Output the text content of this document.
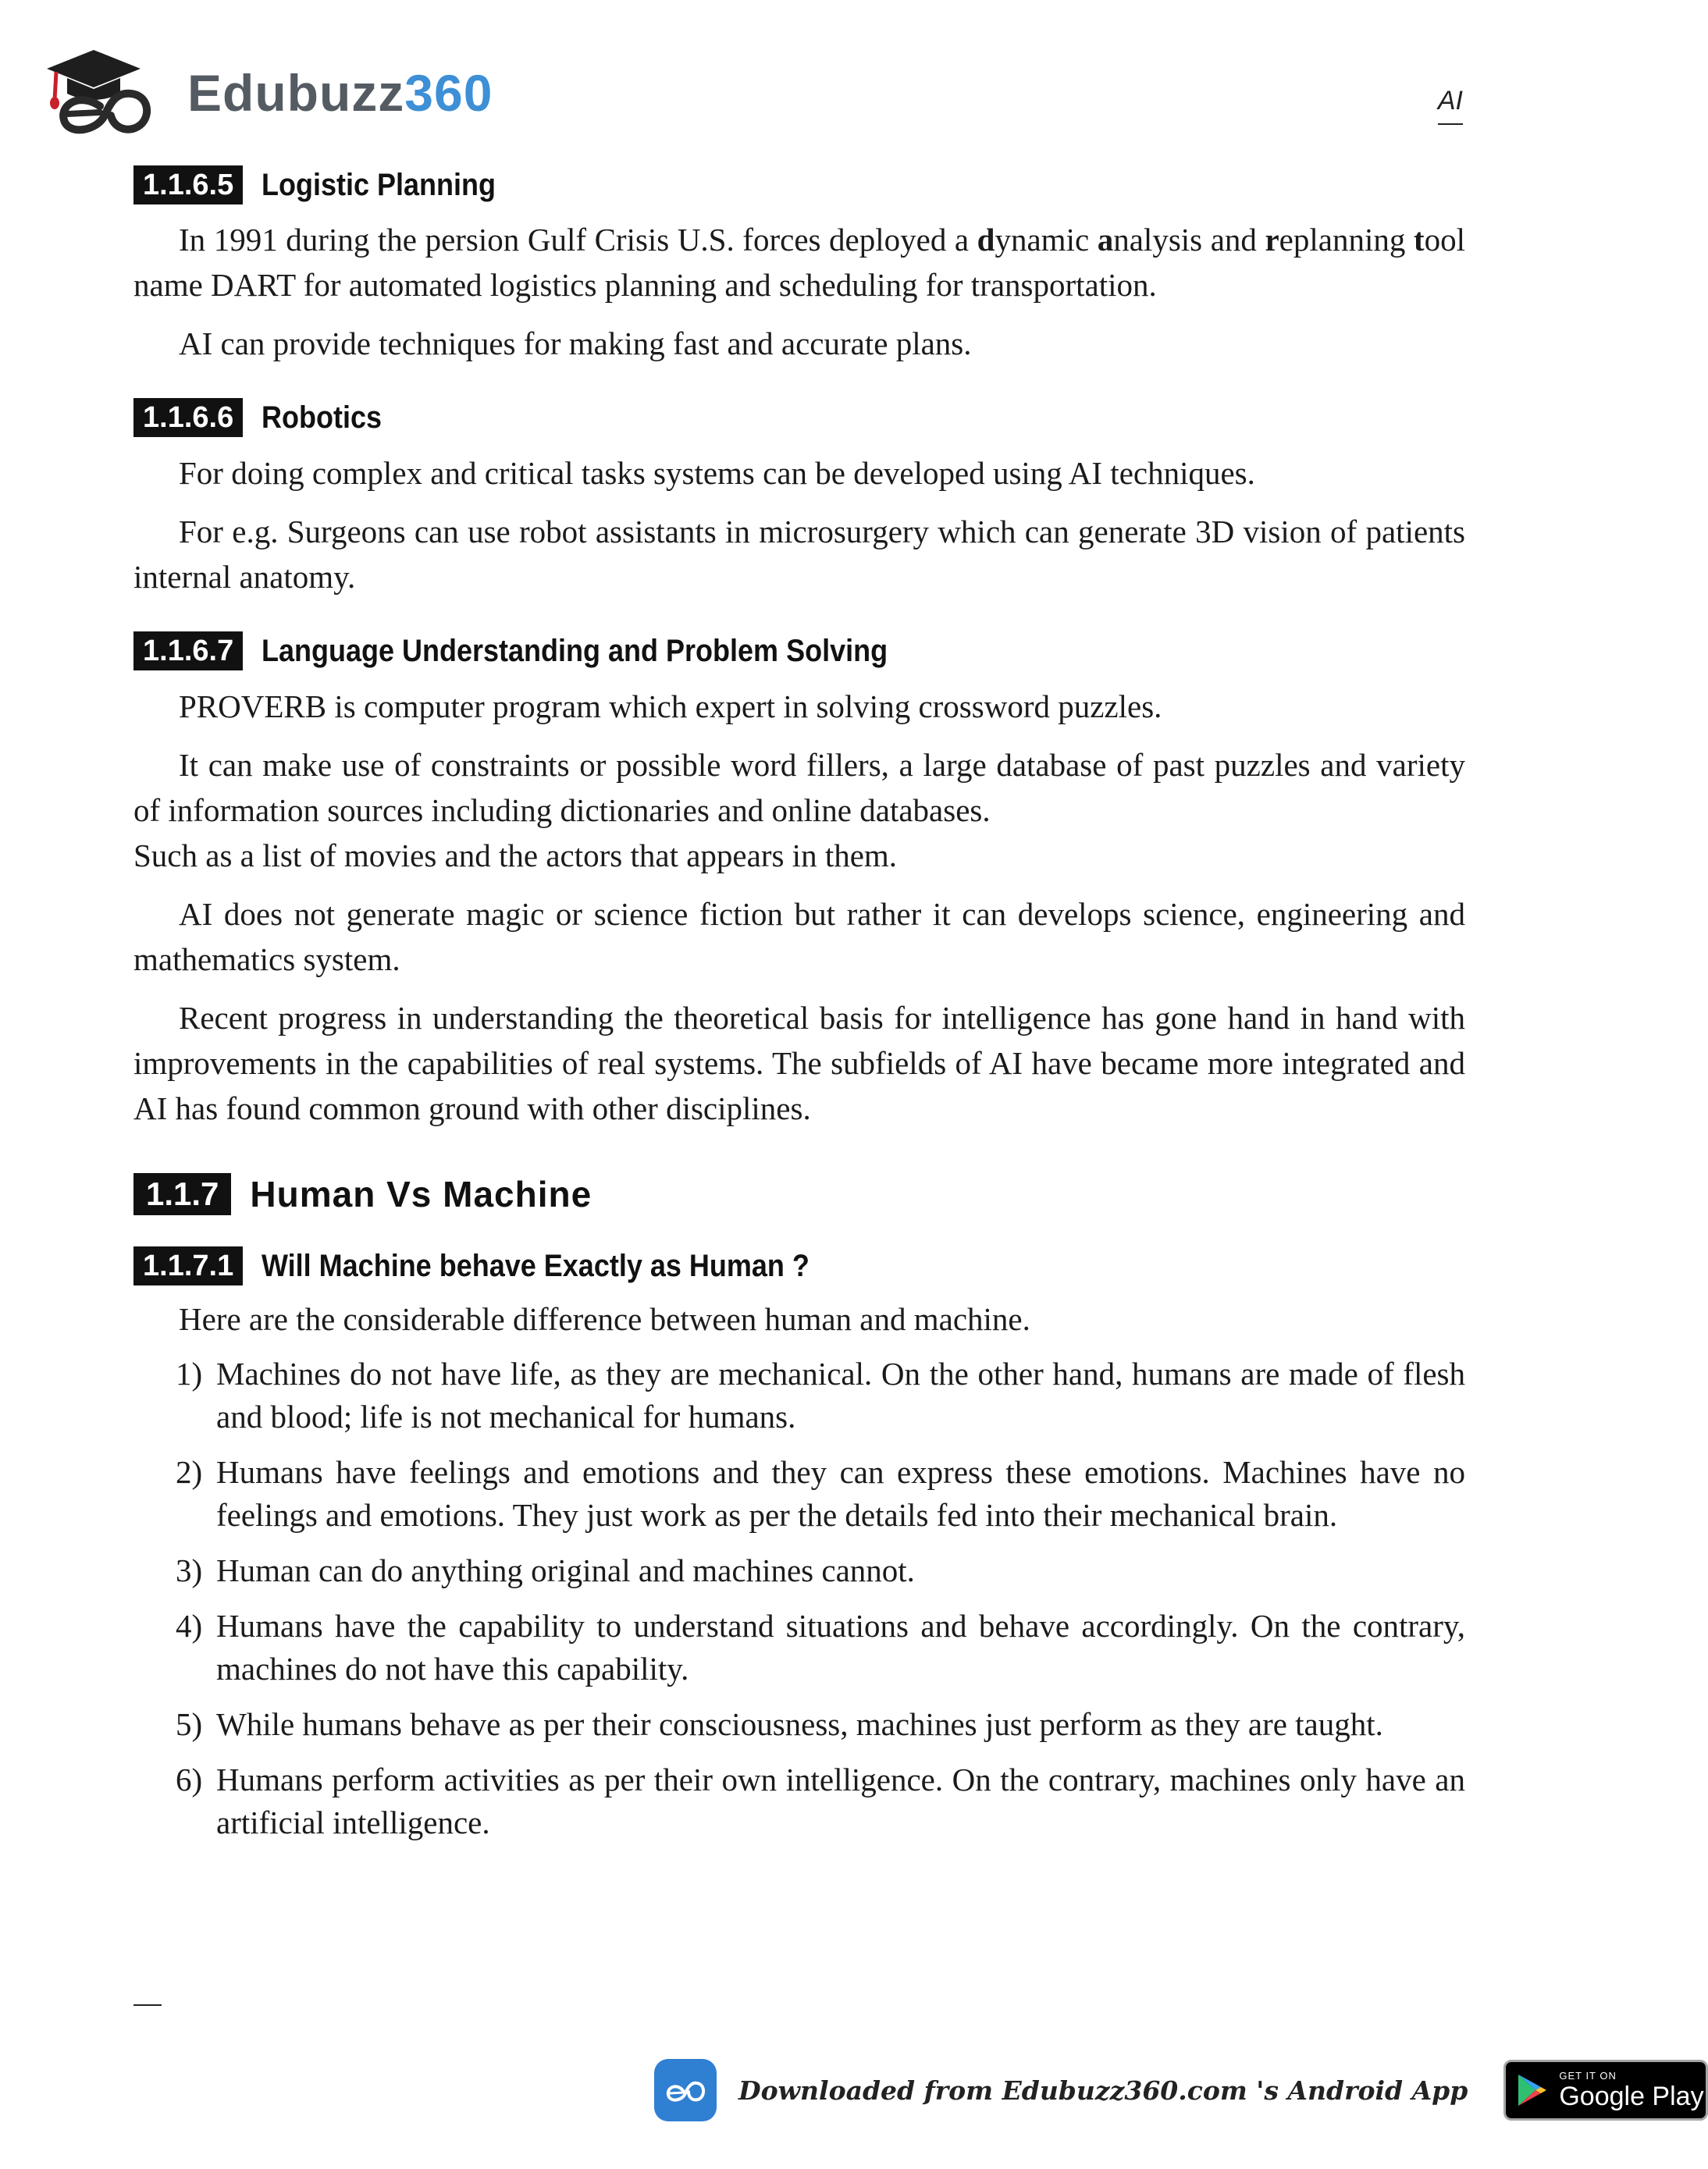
Edubuzz360	AI
1.1.6.5 Logistic Planning

In 1991 during the persion Gulf Crisis U.S. forces deployed a dynamic analysis and replanning tool name DART for automated logistics planning and scheduling for transportation.

AI can provide techniques for making fast and accurate plans.

1.1.6.6 Robotics

For doing complex and critical tasks systems can be developed using AI techniques.

For e.g. Surgeons can use robot assistants in microsurgery which can generate 3D vision of patients internal anatomy.

1.1.6.7 Language Understanding and Problem Solving

PROVERB is computer program which expert in solving crossword puzzles.

It can make use of constraints or possible word fillers, a large database of past puzzles and variety of information sources including dictionaries and online databases.

Such as a list of movies and the actors that appears in them.

AI does not generate magic or science fiction but rather it can develops science, engineering and mathematics system.

Recent progress in understanding the theoretical basis for intelligence has gone hand in hand with improvements in the capabilities of real systems. The subfields of AI have became more integrated and AI has found common ground with other disciplines.

1.1.7 Human Vs Machine
1.1.7.1 Will Machine behave Exactly as Human ?

Here are the considerable difference between human and machine.

1) Machines do not have life, as they are mechanical. On the other hand, humans are made of flesh and blood; life is not mechanical for humans.
2) Humans have feelings and emotions and they can express these emotions. Machines have no feelings and emotions. They just work as per the details fed into their mechanical brain.
3) Human can do anything original and machines cannot.
4) Humans have the capability to understand situations and behave accordingly. On the contrary, machines do not have this capability.
5) While humans behave as per their consciousness, machines just perform as they are taught.
6) Humans perform activities as per their own intelligence. On the contrary, machines only have an artificial intelligence.
Downloaded from Edubuzz360.com 's Android App	GET IT ON
Google Play
